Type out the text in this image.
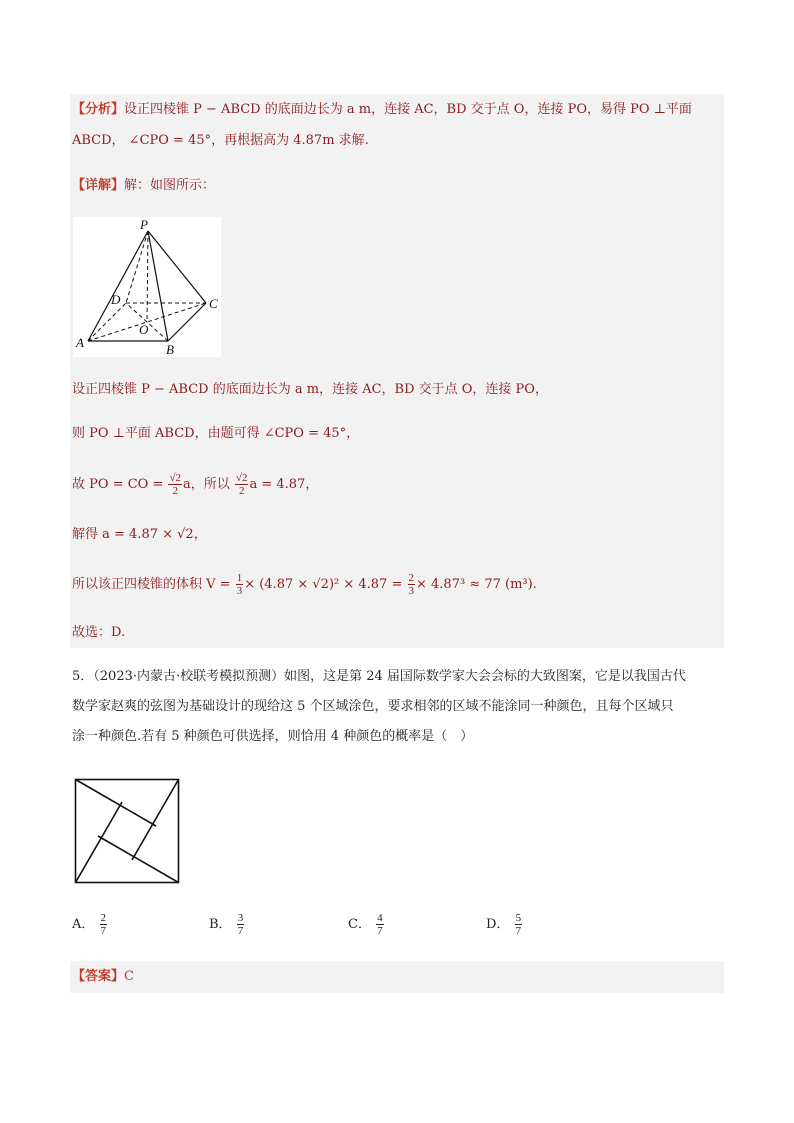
【分析】设正四棱锥 P − ABCD 的底面边长为 a m，连接 AC，BD 交于点 O，连接 PO，易得 PO ⊥平面
ABCD， ∠CPO = 45°，再根据高为 4.87m 求解.
【详解】解：如图所示：
P
D	C
O
A	B
设正四棱锥 P − ABCD 的底面边长为 a m，连接 AC，BD 交于点 O，连接 PO，
则 PO ⊥平面 ABCD，由题可得 ∠CPO = 45°，
故 PO = CO = $\frac{√2}{2}$ a，所以 $\frac{√2}{2}$ a = 4.87，
解得 a = 4.87 × √2，
所以该正四棱锥的体积 $V = \frac{1}{3} \times (4.87 \times √2)^2 \times 4.87 = \frac{2}{3} \times 4.87^3 \approx 77$ (m³).
故选：D.
5．（2023·内蒙古·校联考模拟预测）如图，这是第 24 届国际数学家大会会标的大致图案，它是以我国古代
数学家赵爽的弦图为基础设计的现给这 5 个区域涂色，要求相邻的区域不能涂同一种颜色，且每个区域只
涂一种颜色.若有 5 种颜色可供选择，则恰用 4 种颜色的概率是（　）
A． $\frac{2}{7}$	B． $\frac{3}{7}$	C． $\frac{4}{7}$	D． $\frac{5}{7}$
【答案】C
